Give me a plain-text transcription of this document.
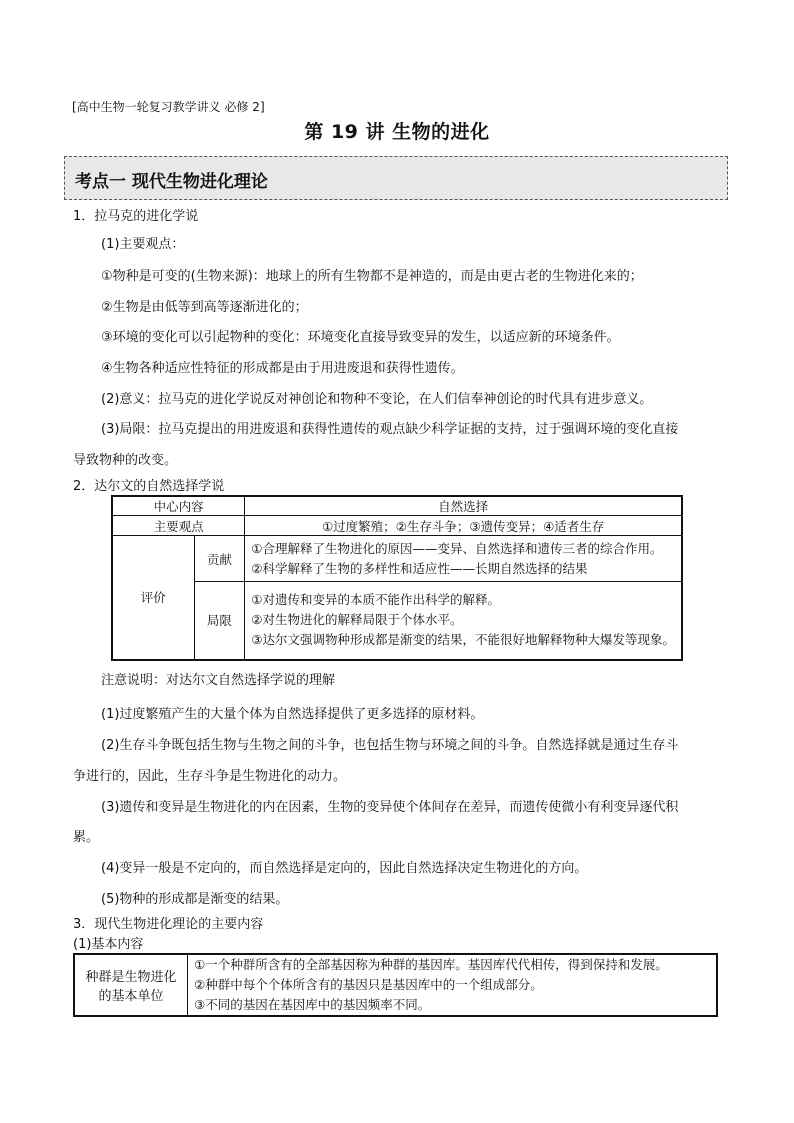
[高中生物一轮复习教学讲义 必修 2]
第 19 讲 生物的进化
考点一 现代生物进化理论
1．拉马克的进化学说
(1)主要观点：
①物种是可变的(生物来源)：地球上的所有生物都不是神造的，而是由更古老的生物进化来的；
②生物是由低等到高等逐渐进化的；
③环境的变化可以引起物种的变化：环境变化直接导致变异的发生，以适应新的环境条件。
④生物各种适应性特征的形成都是由于用进废退和获得性遗传。
(2)意义：拉马克的进化学说反对神创论和物种不变论，在人们信奉神创论的时代具有进步意义。
(3)局限：拉马克提出的用进废退和获得性遗传的观点缺少科学证据的支持，过于强调环境的变化直接
导致物种的改变。
2．达尔文的自然选择学说
中心内容		自然选择
主要观点		①过度繁殖；②生存斗争；③遗传变异；④适者生存
评价	贡献	①合理解释了生物进化的原因——变异、自然选择和遗传三者的综合作用。
②科学解释了生物的多样性和适应性——长期自然选择的结果

	局限	①对遗传和变异的本质不能作出科学的解释。
②对生物进化的解释局限于个体水平。
③达尔文强调物种形成都是渐变的结果，不能很好地解释物种大爆发等现象。
注意说明：对达尔文自然选择学说的理解
(1)过度繁殖产生的大量个体为自然选择提供了更多选择的原材料。
(2)生存斗争既包括生物与生物之间的斗争，也包括生物与环境之间的斗争。自然选择就是通过生存斗
争进行的，因此，生存斗争是生物进化的动力。
(3)遗传和变异是生物进化的内在因素，生物的变异使个体间存在差异，而遗传使微小有利变异逐代积
累。
(4)变异一般是不定向的，而自然选择是定向的，因此自然选择决定生物进化的方向。
(5)物种的形成都是渐变的结果。
3．现代生物进化理论的主要内容
(1)基本内容
种群是生物进化
的基本单位

①一个种群所含有的全部基因称为种群的基因库。基因库代代相传，得到保持和发展。
②种群中每个个体所含有的基因只是基因库中的一个组成部分。
③不同的基因在基因库中的基因频率不同。
